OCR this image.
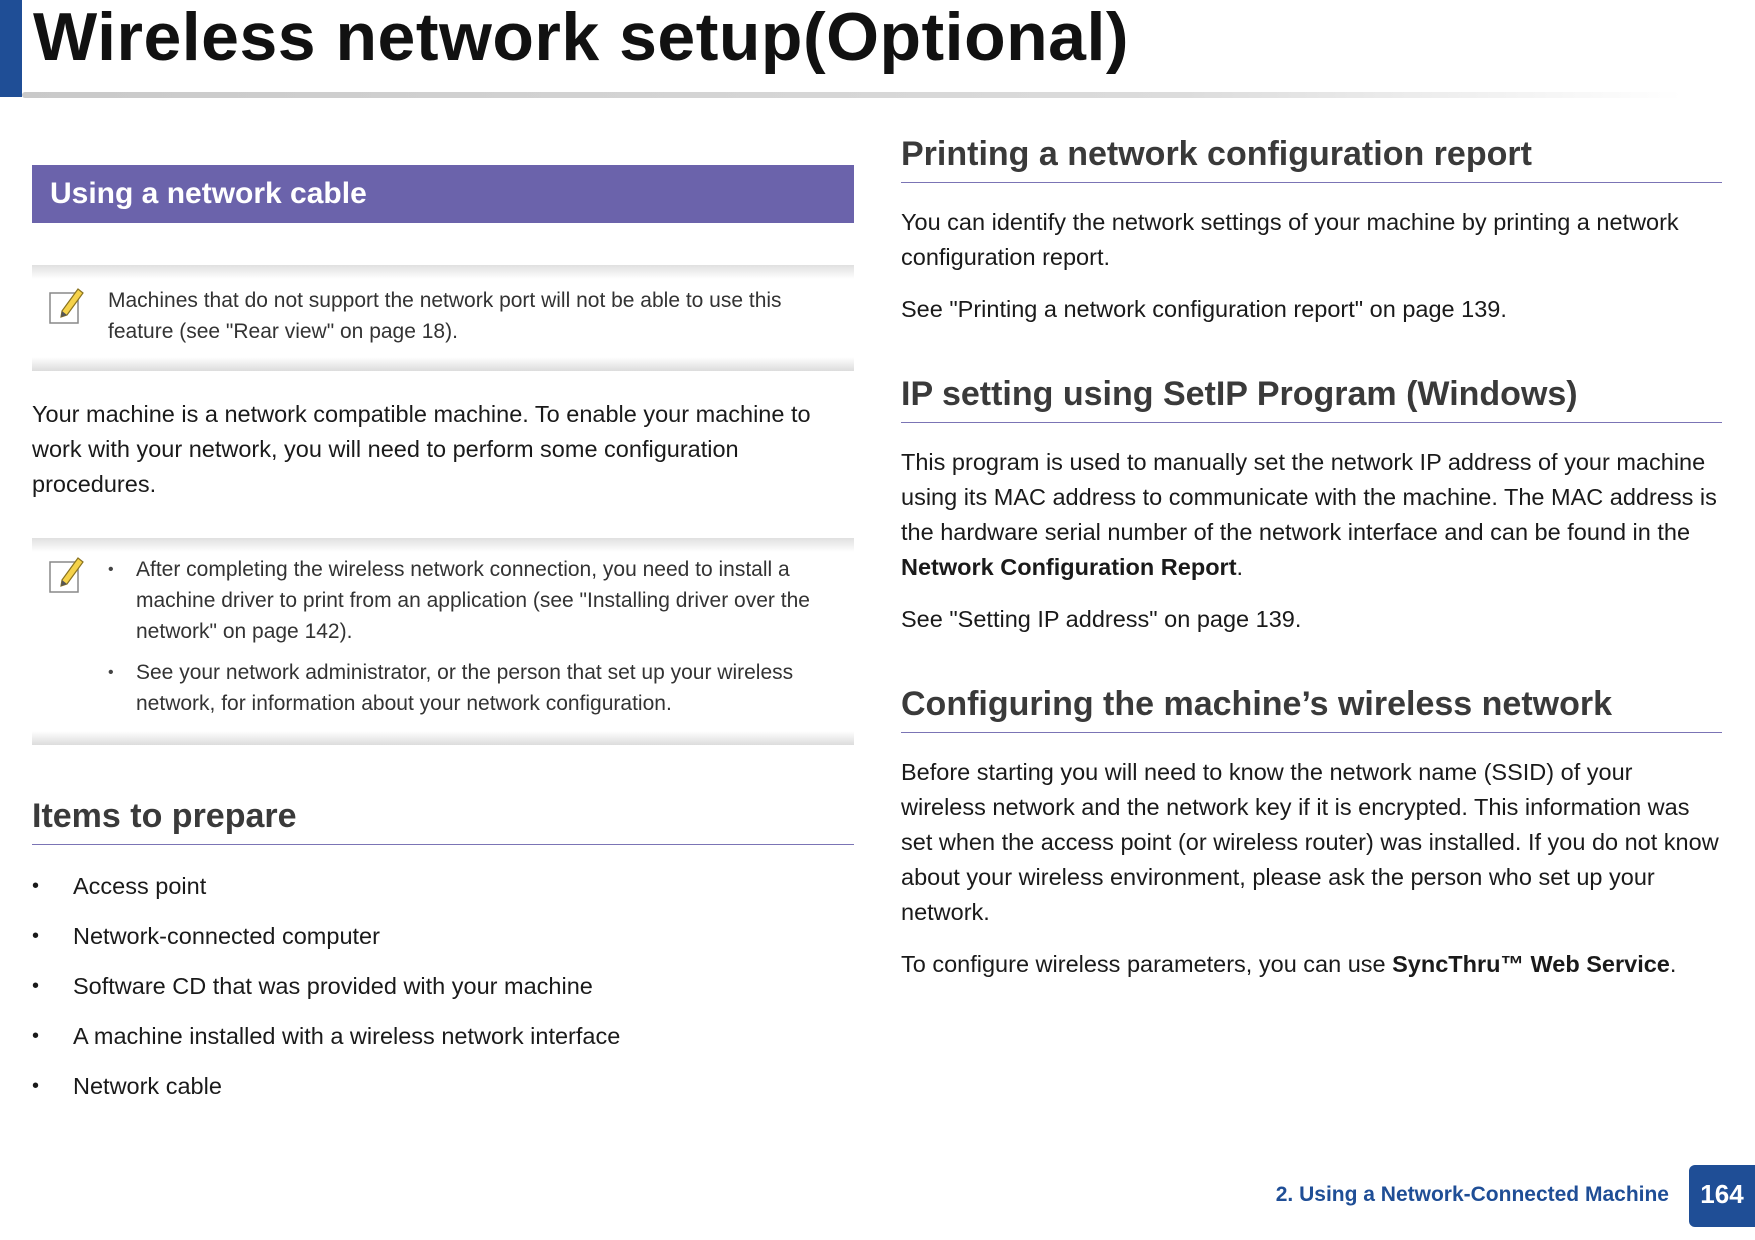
Wireless network setup(Optional)
Using a network cable

Machines that do not support the network port will not be able to use this feature (see "Rear view" on page 18).

Your machine is a network compatible machine. To enable your machine to work with your network, you will need to perform some configuration procedures.

• After completing the wireless network connection, you need to install a machine driver to print from an application (see "Installing driver over the network" on page 142).
• See your network administrator, or the person that set up your wireless network, for information about your network configuration.
Items to prepare
• Access point
• Network-connected computer
• Software CD that was provided with your machine
• A machine installed with a wireless network interface
• Network cable
Printing a network configuration report

You can identify the network settings of your machine by printing a network configuration report.

See "Printing a network configuration report" on page 139.

IP setting using SetIP Program (Windows)

This program is used to manually set the network IP address of your machine using its MAC address to communicate with the machine. The MAC address is the hardware serial number of the network interface and can be found in the Network Configuration Report.

See "Setting IP address" on page 139.

Configuring the machine’s wireless network

Before starting you will need to know the network name (SSID) of your wireless network and the network key if it is encrypted. This information was set when the access point (or wireless router) was installed. If you do not know about your wireless environment, please ask the person who set up your network.

To configure wireless parameters, you can use SyncThru™ Web Service.

2. Using a Network-Connected Machine	164
